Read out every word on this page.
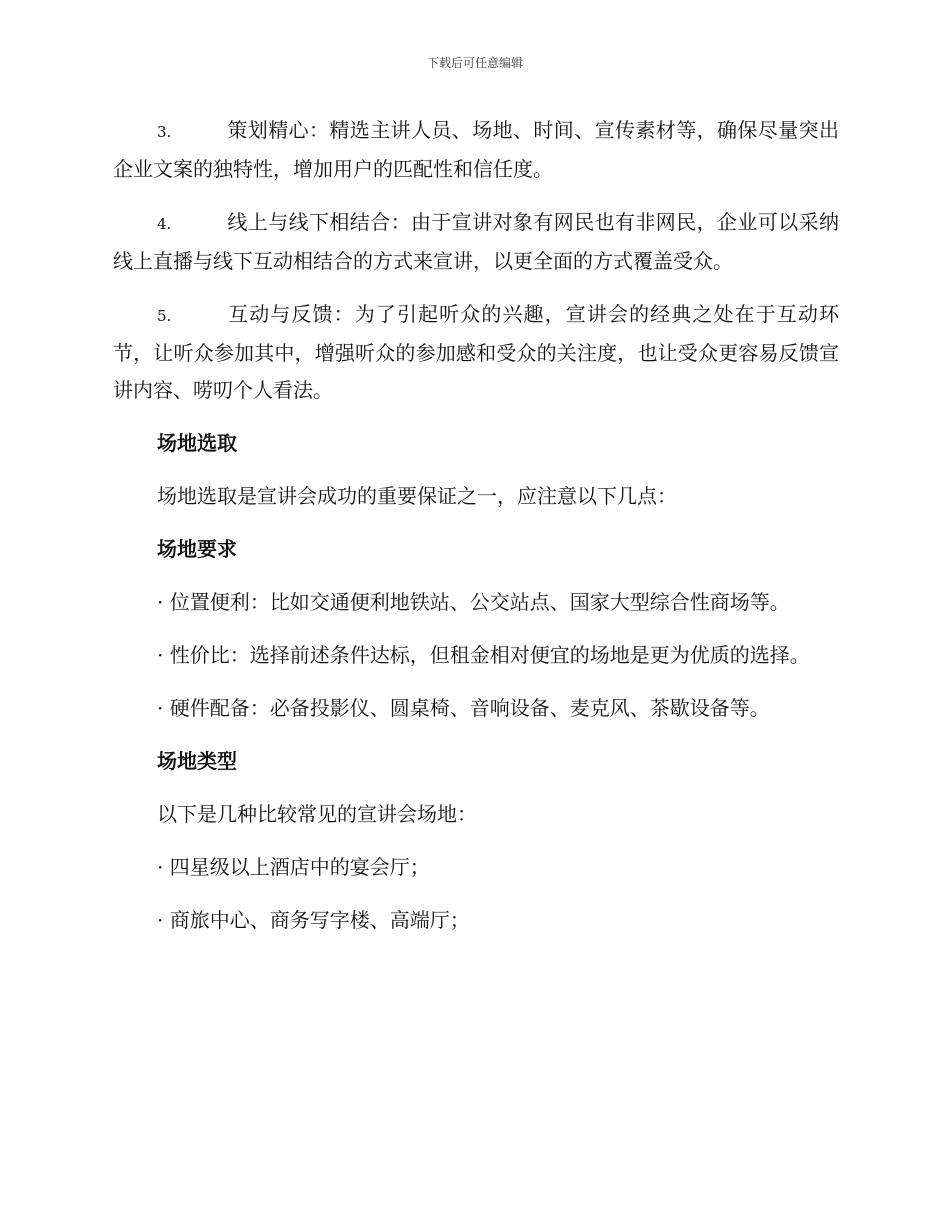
下载后可任意编辑

3.	策划精心：精选主讲人员、场地、时间、宣传素材等，确保尽量突出企业文案的独特性，增加用户的匹配性和信任度。

4.	线上与线下相结合：由于宣讲对象有网民也有非网民，企业可以采纳线上直播与线下互动相结合的方式来宣讲，以更全面的方式覆盖受众。

5.	互动与反馈：为了引起听众的兴趣，宣讲会的经典之处在于互动环节，让听众参加其中，增强听众的参加感和受众的关注度，也让受众更容易反馈宣讲内容、唠叨个人看法。

场地选取

场地选取是宣讲会成功的重要保证之一，应注意以下几点：

场地要求

· 位置便利：比如交通便利地铁站、公交站点、国家大型综合性商场等。

· 性价比：选择前述条件达标，但租金相对便宜的场地是更为优质的选择。

· 硬件配备：必备投影仪、圆桌椅、音响设备、麦克风、茶歇设备等。

场地类型

以下是几种比较常见的宣讲会场地：

· 四星级以上酒店中的宴会厅；

· 商旅中心、商务写字楼、高端厅；
